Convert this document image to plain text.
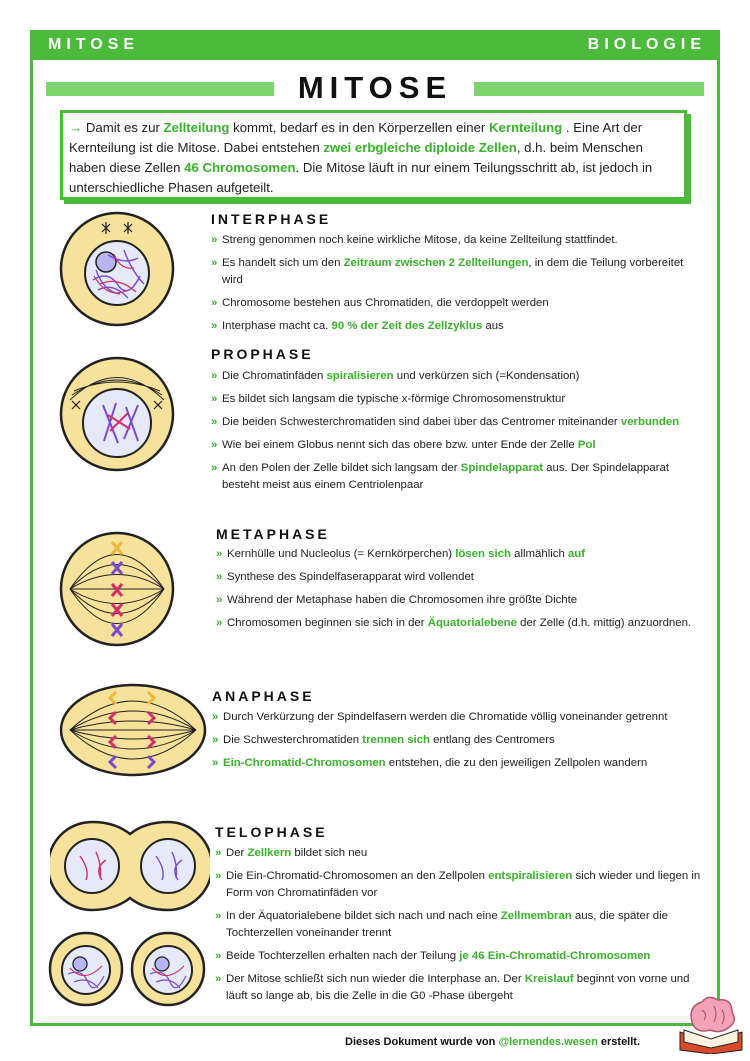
MITOSE	BIOLOGIE
MITOSE
→ Damit es zur Zellteilung kommt, bedarf es in den Körperzellen einer Kernteilung . Eine Art der Kernteilung ist die Mitose. Dabei entstehen zwei erbgleiche diploide Zellen, d.h. beim Menschen haben diese Zellen 46 Chromosomen. Die Mitose läuft in nur einem Teilungsschritt ab, ist jedoch in unterschiedliche Phasen aufgeteilt.
INTERPHASE
» Streng genommen noch keine wirkliche Mitose, da keine Zellteilung stattfindet.
» Es handelt sich um den Zeitraum zwischen 2 Zellteilungen, in dem die Teilung vorbereitet wird
» Chromosome bestehen aus Chromatiden, die verdoppelt werden
» Interphase macht ca. 90 % der Zeit des Zellzyklus aus
PROPHASE
» Die Chromatinfäden spiralisieren und verkürzen sich (=Kondensation)
» Es bildet sich langsam die typische x-förmige Chromosomenstruktur
» Die beiden Schwesterchromatiden sind dabei über das Centromer miteinander verbunden
» Wie bei einem Globus nennt sich das obere bzw. unter Ende der Zelle Pol
» An den Polen der Zelle bildet sich langsam der Spindelapparat aus. Der Spindelapparat besteht meist aus einem Centriolenpaar
METAPHASE
» Kernhülle und Nucleolus (= Kernkörperchen) lösen sich allmählich auf
» Synthese des Spindelfaserapparat wird vollendet
» Während der Metaphase haben die Chromosomen ihre größte Dichte
» Chromosomen beginnen sie sich in der Äquatorialebene der Zelle (d.h. mittig) anzuordnen.
ANAPHASE
» Durch Verkürzung der Spindelfasern werden die Chromatide völlig voneinander getrennt
» Die Schwesterchromatiden trennen sich entlang des Centromers
» Ein-Chromatid-Chromosomen entstehen, die zu den jeweiligen Zellpolen wandern
TELOPHASE
» Der Zellkern bildet sich neu
» Die Ein-Chromatid-Chromosomen an den Zellpolen entspiralisieren sich wieder und liegen in Form von Chromatinfäden vor
» In der Äquatorialebene bildet sich nach und nach eine Zellmembran aus, die später die Tochterzellen voneinander trennt
» Beide Tochterzellen erhalten nach der Teilung je 46 Ein-Chromatid-Chromosomen
» Der Mitose schließt sich nun wieder die Interphase an. Der Kreislauf beginnt von vorne und läuft so lange ab, bis die Zelle in die G0 -Phase übergeht
Dieses Dokument wurde von @lernendes.wesen erstellt.
